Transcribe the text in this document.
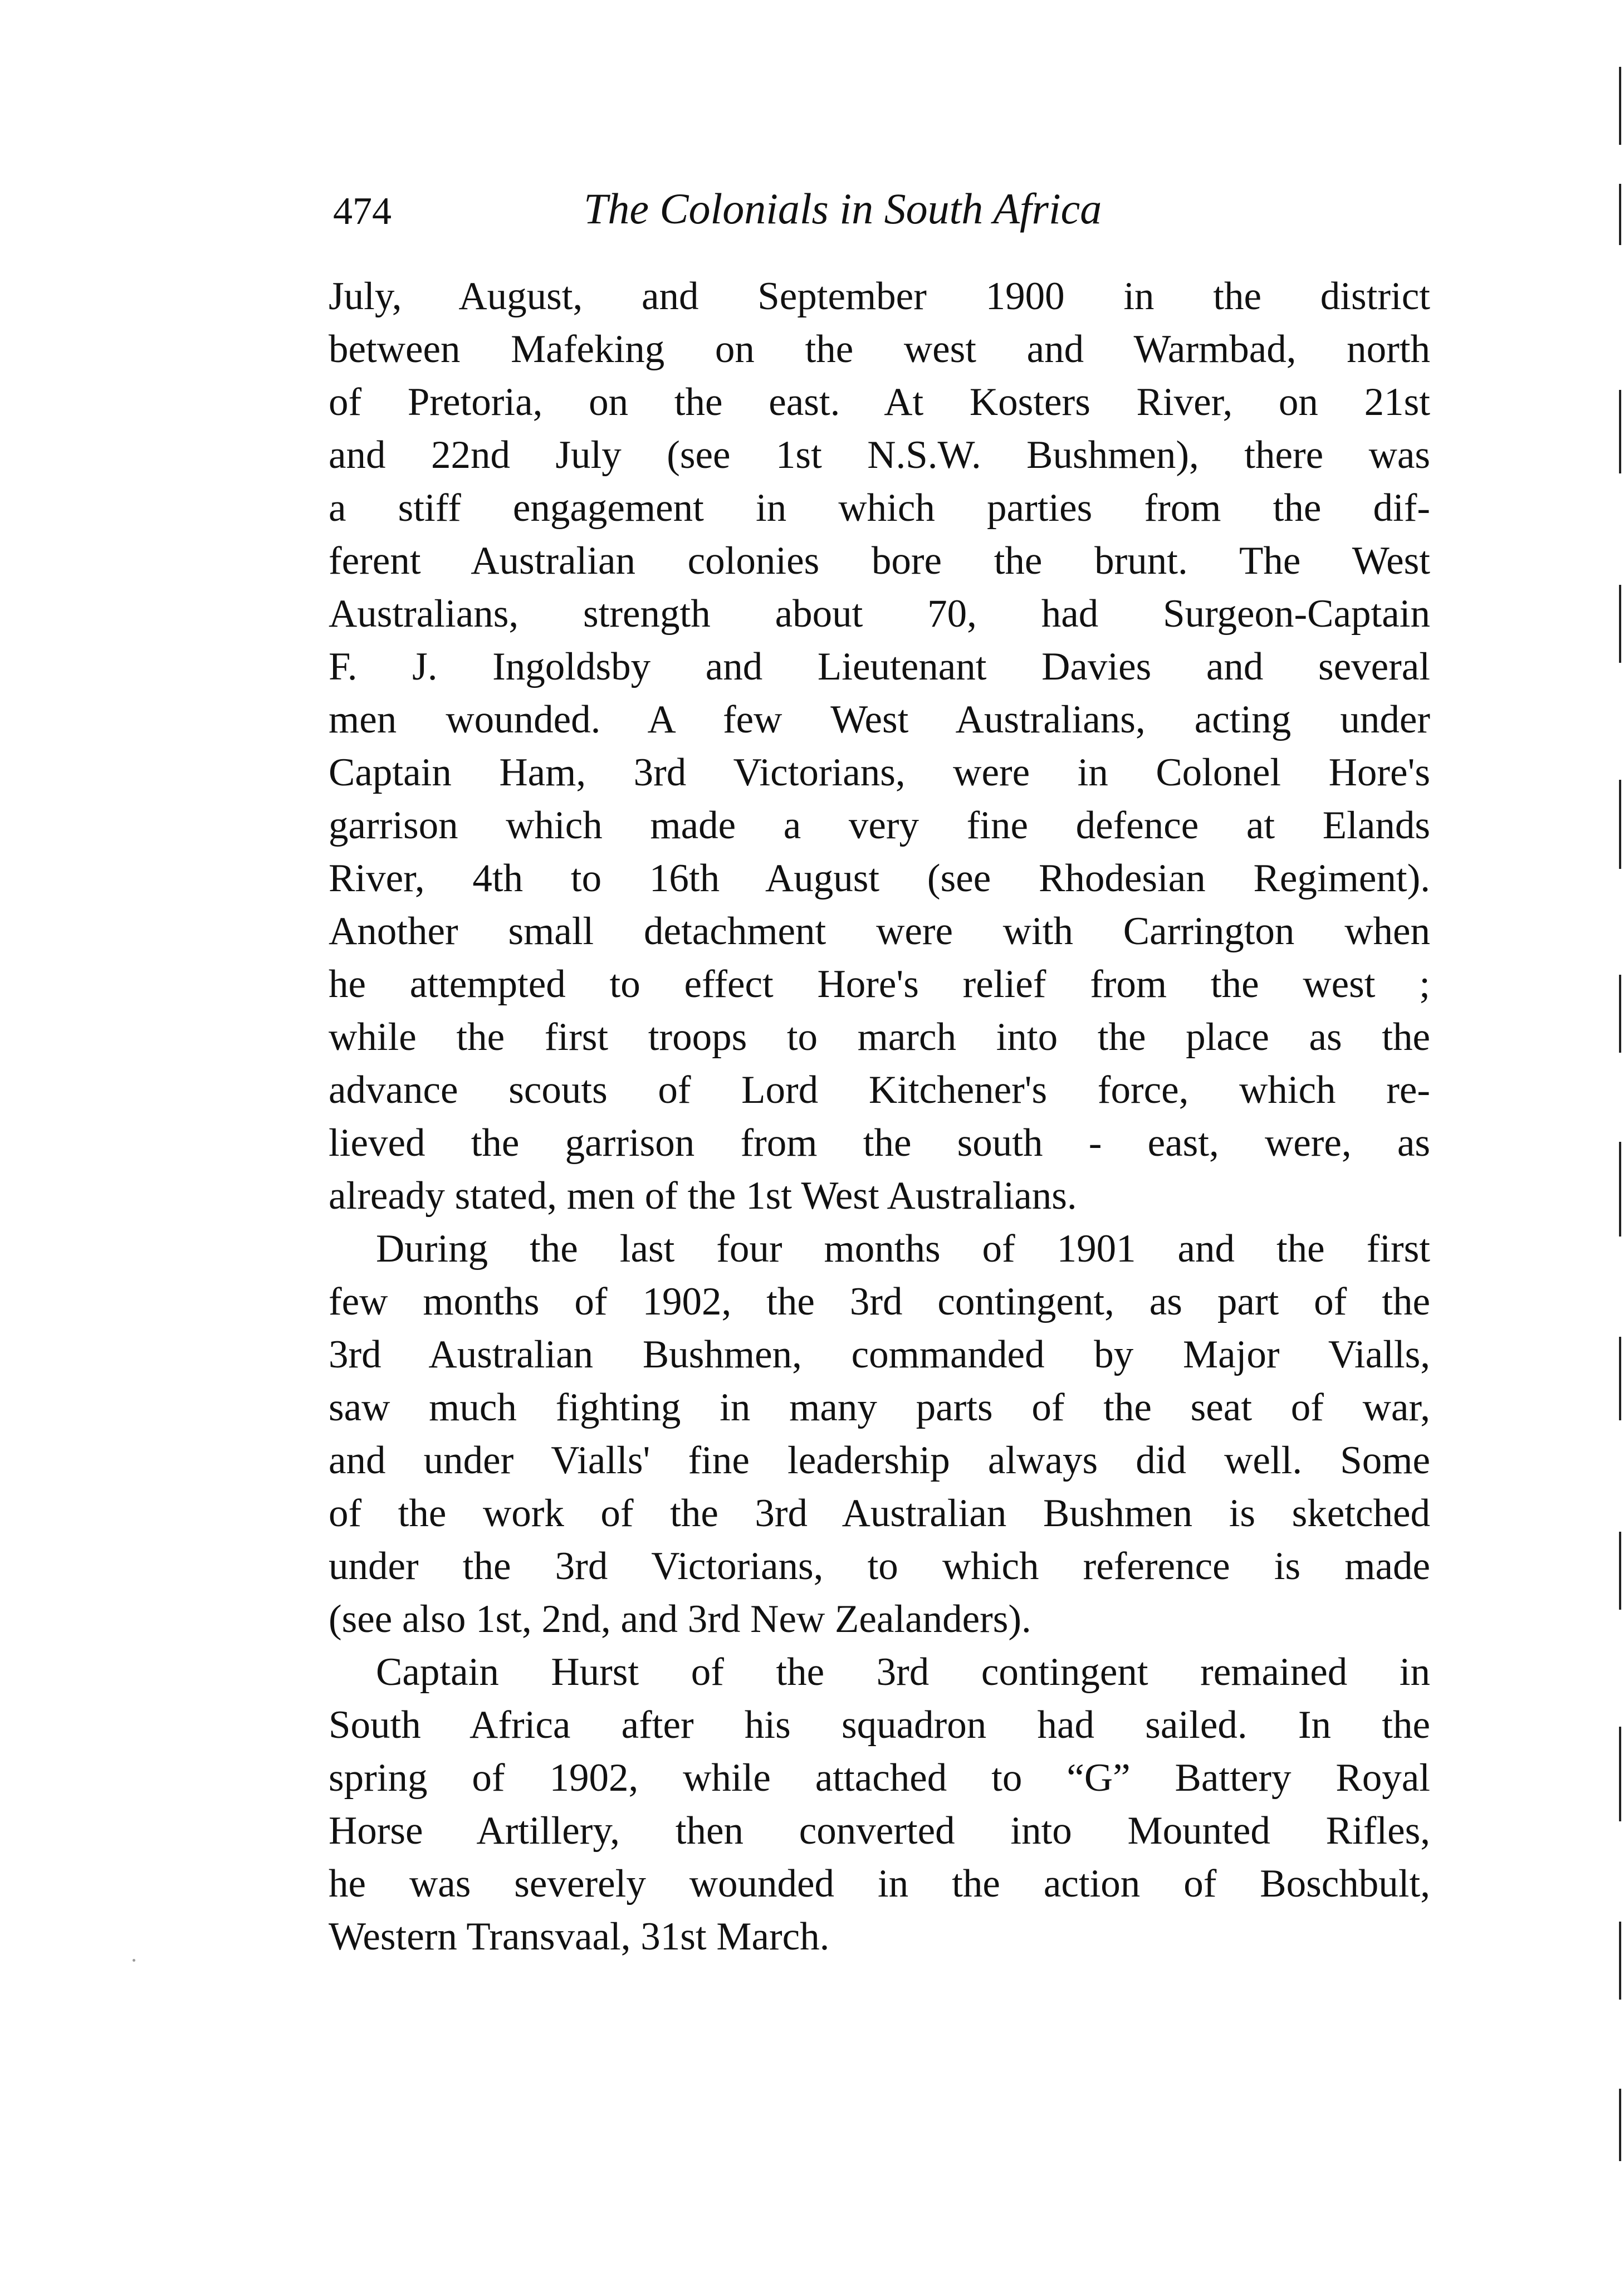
474	The Colonials in South Africa
July, August, and September 1900 in the district
between Mafeking on the west and Warmbad, north
of Pretoria, on the east. At Kosters River, on 21st
and 22nd July (see 1st N.S.W. Bushmen), there was
a stiff engagement in which parties from the dif-
ferent Australian colonies bore the brunt. The West
Australians, strength about 70, had Surgeon-Captain
F. J. Ingoldsby and Lieutenant Davies and several
men wounded. A few West Australians, acting under
Captain Ham, 3rd Victorians, were in Colonel Hore's
garrison which made a very fine defence at Elands
River, 4th to 16th August (see Rhodesian Regiment).
Another small detachment were with Carrington when
he attempted to effect Hore's relief from the west ;
while the first troops to march into the place as the
advance scouts of Lord Kitchener's force, which re-
lieved the garrison from the south - east, were, as
already stated, men of the 1st West Australians.
During the last four months of 1901 and the first
few months of 1902, the 3rd contingent, as part of the
3rd Australian Bushmen, commanded by Major Vialls,
saw much fighting in many parts of the seat of war,
and under Vialls' fine leadership always did well. Some
of the work of the 3rd Australian Bushmen is sketched
under the 3rd Victorians, to which reference is made
(see also 1st, 2nd, and 3rd New Zealanders).
Captain Hurst of the 3rd contingent remained in
South Africa after his squadron had sailed. In the
spring of 1902, while attached to “G” Battery Royal
Horse Artillery, then converted into Mounted Rifles,
he was severely wounded in the action of Boschbult,
Western Transvaal, 31st March.
